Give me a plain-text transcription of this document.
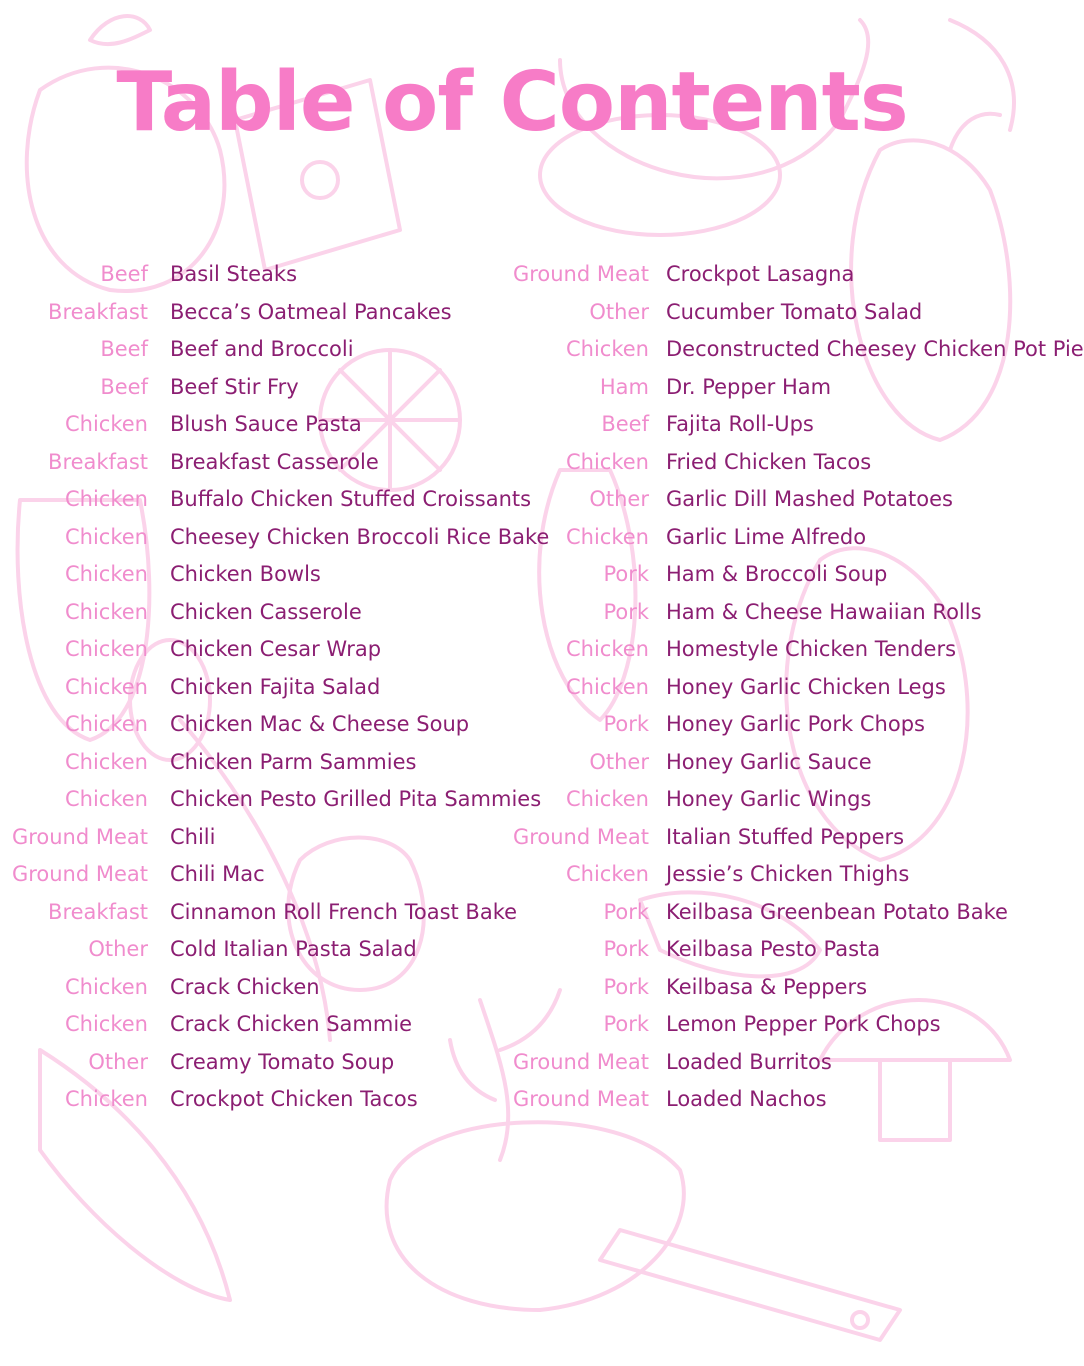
Table of Contents
Beef Basil Steaks
Breakfast Becca’s Oatmeal Pancakes
Beef Beef and Broccoli
Beef Beef Stir Fry
Chicken Blush Sauce Pasta
Breakfast Breakfast Casserole
Chicken Buffalo Chicken Stuffed Croissants
Chicken Cheesey Chicken Broccoli Rice Bake
Chicken Chicken Bowls
Chicken Chicken Casserole
Chicken Chicken Cesar Wrap
Chicken Chicken Fajita Salad
Chicken Chicken Mac & Cheese Soup
Chicken Chicken Parm Sammies
Chicken Chicken Pesto Grilled Pita Sammies
Ground Meat Chili
Ground Meat Chili Mac
Breakfast Cinnamon Roll French Toast Bake
Other Cold Italian Pasta Salad
Chicken Crack Chicken
Chicken Crack Chicken Sammie
Other Creamy Tomato Soup
Chicken Crockpot Chicken Tacos
Ground Meat Crockpot Lasagna
Other Cucumber Tomato Salad
Chicken Deconstructed Cheesey Chicken Pot Pie
Ham Dr. Pepper Ham
Beef Fajita Roll-Ups
Chicken Fried Chicken Tacos
Other Garlic Dill Mashed Potatoes
Chicken Garlic Lime Alfredo
Pork Ham & Broccoli Soup
Pork Ham & Cheese Hawaiian Rolls
Chicken Homestyle Chicken Tenders
Chicken Honey Garlic Chicken Legs
Pork Honey Garlic Pork Chops
Other Honey Garlic Sauce
Chicken Honey Garlic Wings
Ground Meat Italian Stuffed Peppers
Chicken Jessie’s Chicken Thighs
Pork Keilbasa Greenbean Potato Bake
Pork Keilbasa Pesto Pasta
Pork Keilbasa & Peppers
Pork Lemon Pepper Pork Chops
Ground Meat Loaded Burritos
Ground Meat Loaded Nachos
